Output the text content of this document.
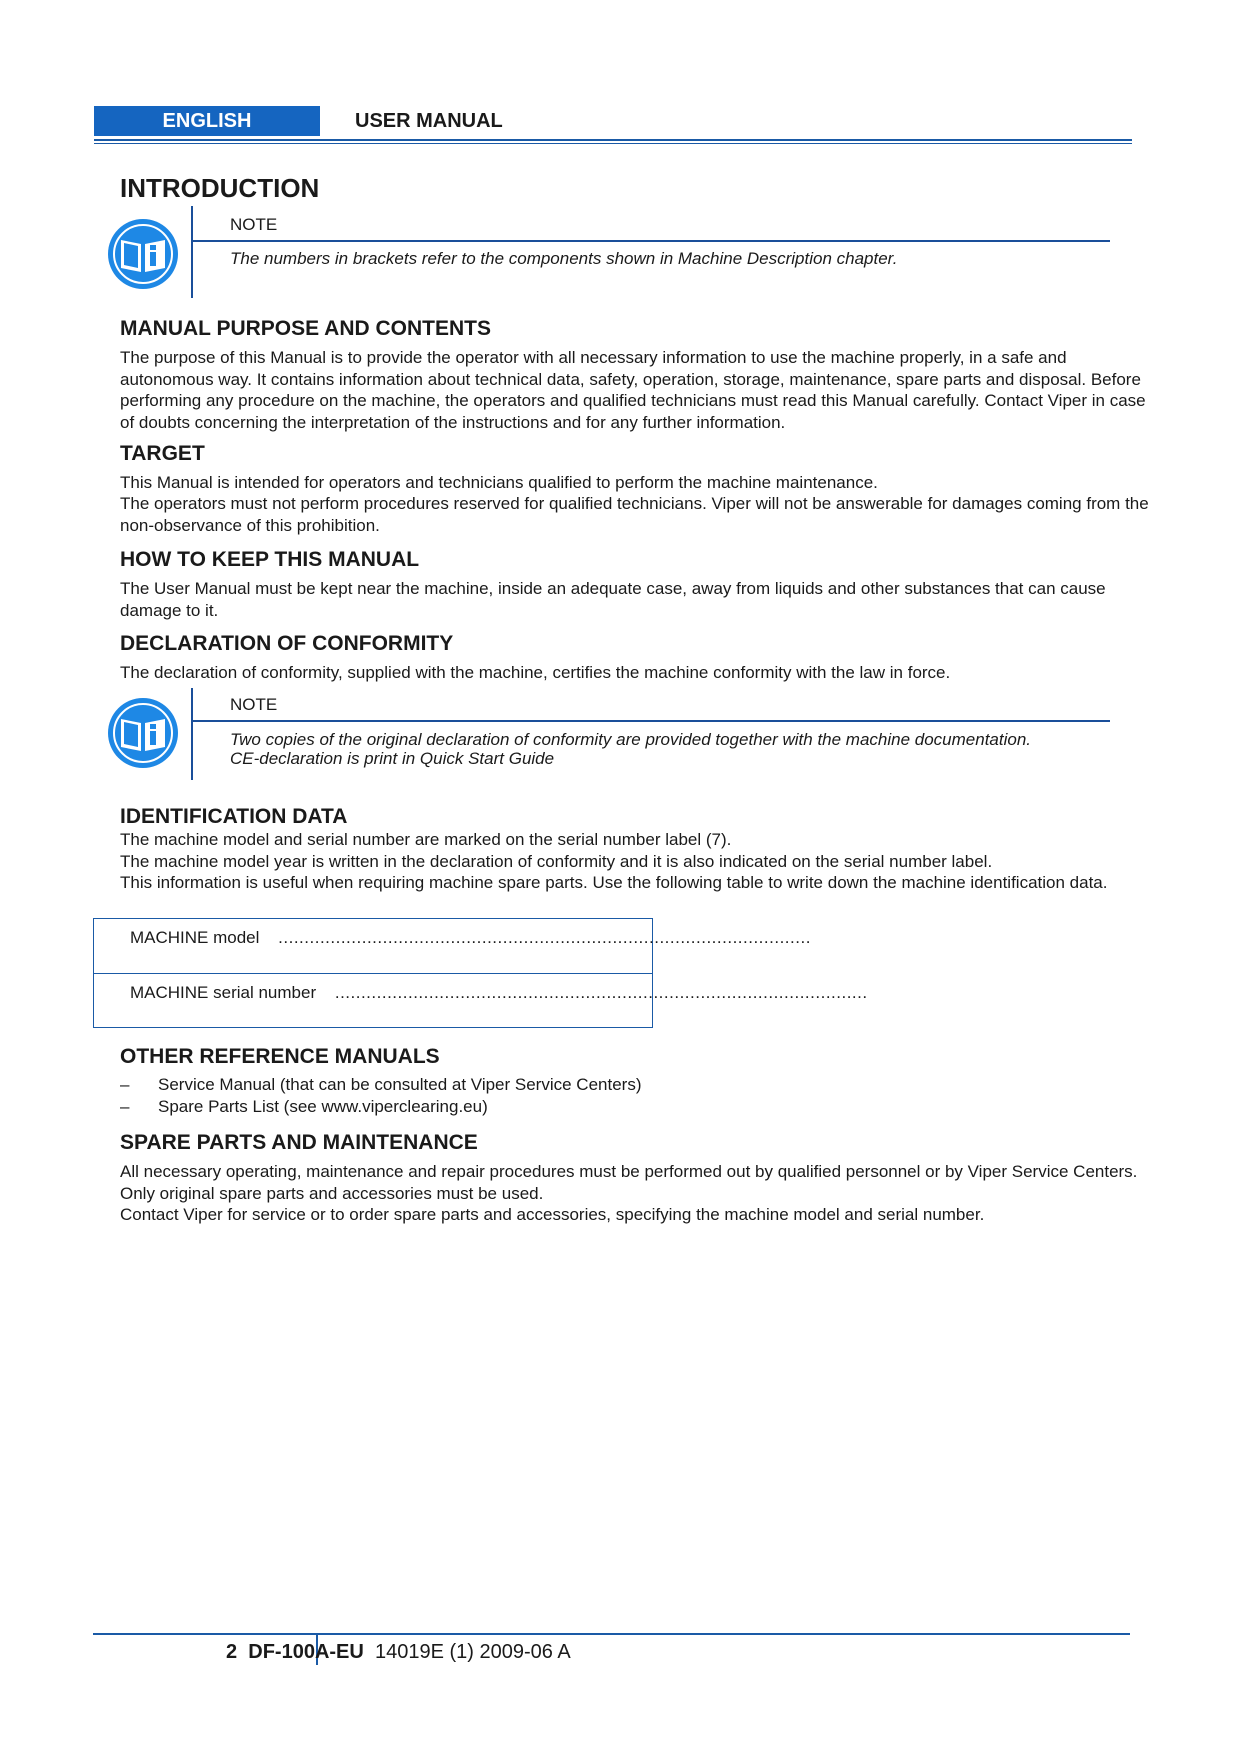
ENGLISH	USER MANUAL
INTRODUCTION
NOTE
The numbers in brackets refer to the components shown in Machine Description chapter.
MANUAL PURPOSE AND CONTENTS

The purpose of this Manual is to provide the operator with all necessary information to use the machine properly, in a safe and autonomous way. It contains information about technical data, safety, operation, storage, maintenance, spare parts and disposal. Before performing any procedure on the machine, the operators and qualified technicians must read this Manual carefully. Contact Viper in case of doubts concerning the interpretation of the instructions and for any further information.

TARGET

This Manual is intended for operators and technicians qualified to perform the machine maintenance.

The operators must not perform procedures reserved for qualified technicians. Viper will not be answerable for damages coming from the non-observance of this prohibition.

HOW TO KEEP THIS MANUAL

The User Manual must be kept near the machine, inside an adequate case, away from liquids and other substances that can cause damage to it.

DECLARATION OF CONFORMITY

The declaration of conformity, supplied with the machine, certifies the machine conformity with the law in force.

NOTE
Two copies of the original declaration of conformity are provided together with the machine documentation.
CE-declaration is print in Quick Start Guide
IDENTIFICATION DATA

The machine model and serial number are marked on the serial number label (7).

The machine model year is written in the declaration of conformity and it is also indicated on the serial number label.

This information is useful when requiring machine spare parts. Use the following table to write down the machine identification data.

MACHINE model ......................................................................................................
MACHINE serial number ......................................................................................................
OTHER REFERENCE MANUALS
– Service Manual (that can be consulted at Viper Service Centers)
– Spare Parts List (see www.viperclearing.eu)
SPARE PARTS AND MAINTENANCE

All necessary operating, maintenance and repair procedures must be performed out by qualified personnel or by Viper Service Centers. Only original spare parts and accessories must be used.

Contact Viper for service or to order spare parts and accessories, specifying the machine model and serial number.

2 DF-100A-EU 14019E (1) 2009-06 A
